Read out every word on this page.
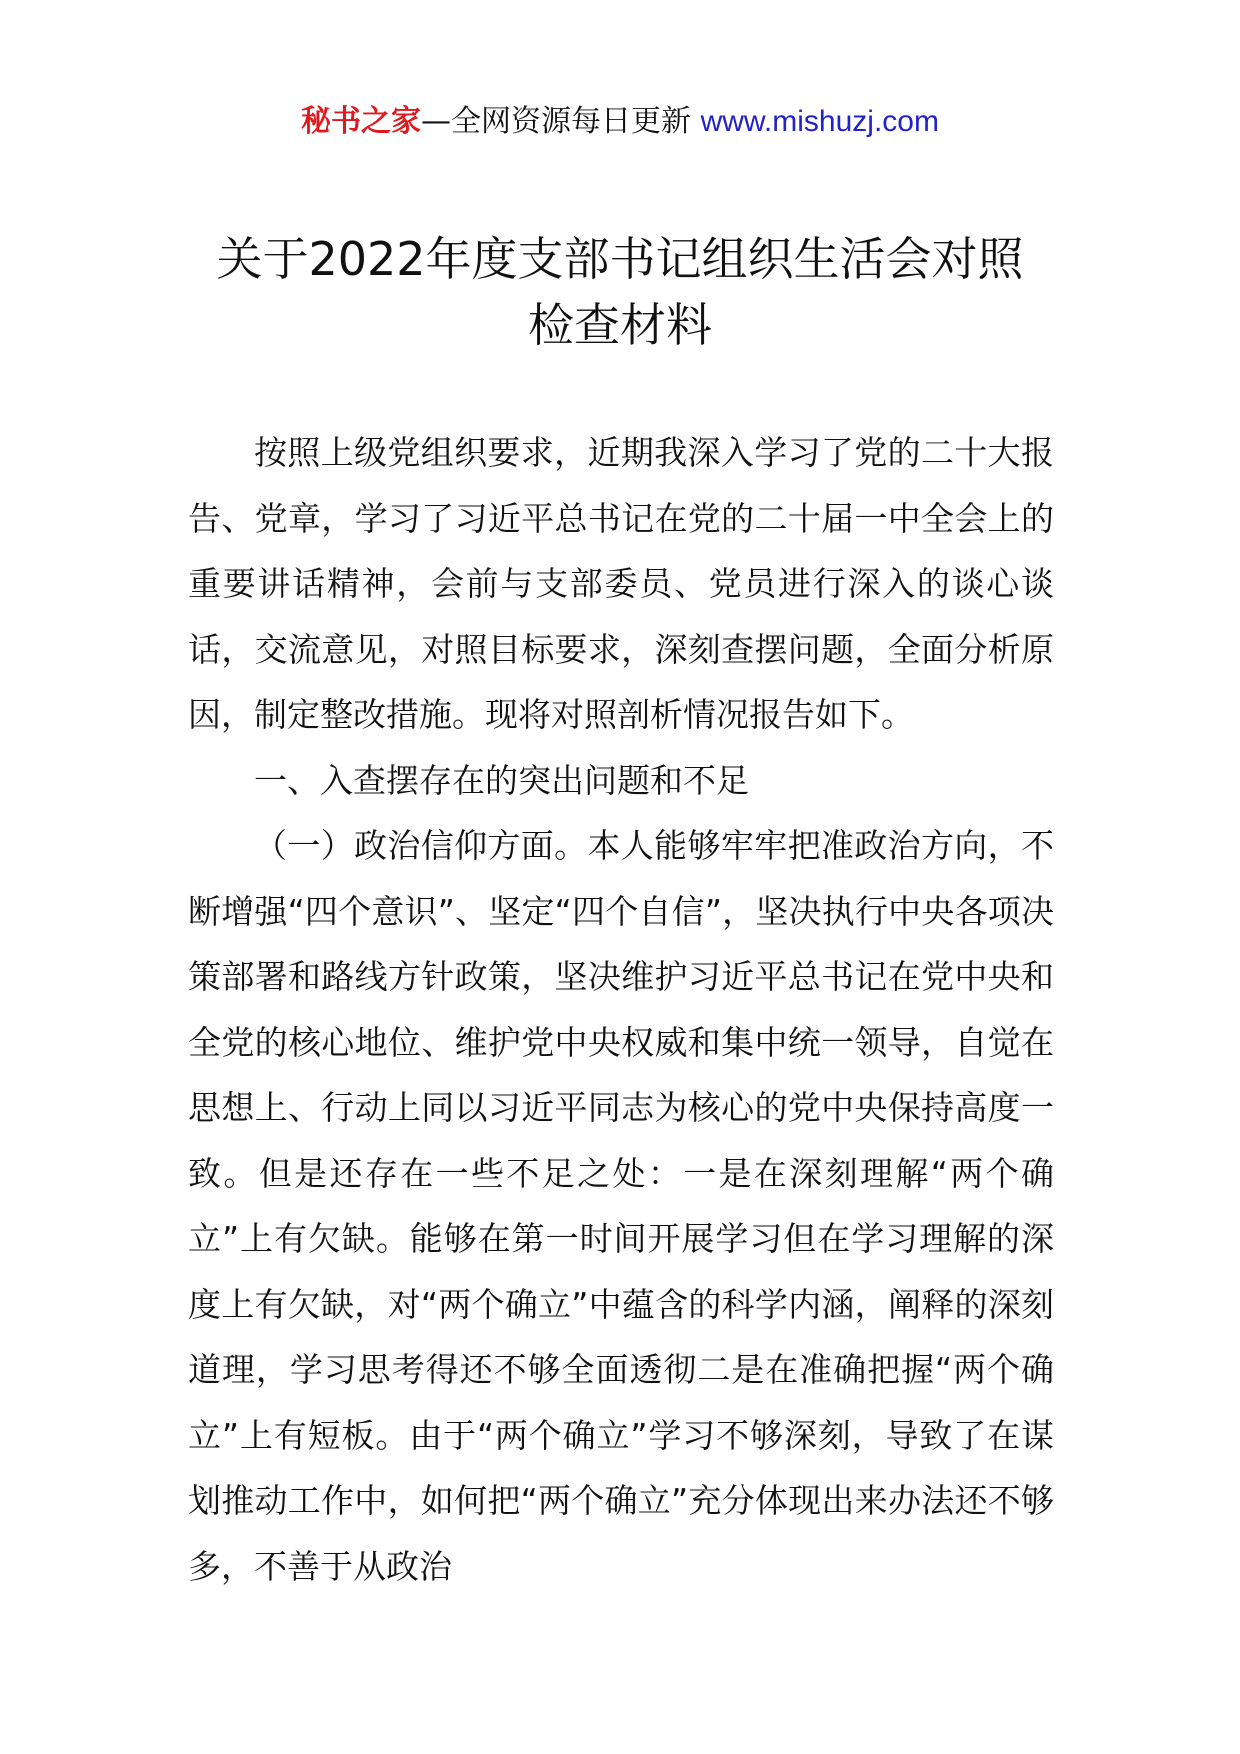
秘书之家—全网资源每日更新 www.mishuzj.com
关于2022年度支部书记组织生活会对照
检查材料

按照上级党组织要求，近期我深入学习了党的二十大报告、党章，学习了习近平总书记在党的二十届一中全会上的重要讲话精神，会前与支部委员、党员进行深入的谈心谈话，交流意见，对照目标要求，深刻查摆问题，全面分析原因，制定整改措施。现将对照剖析情况报告如下。

一、入查摆存在的突出问题和不足

（一）政治信仰方面。本人能够牢牢把准政治方向，不断增强“四个意识”、坚定“四个自信”，坚决执行中央各项决策部署和路线方针政策，坚决维护习近平总书记在党中央和全党的核心地位、维护党中央权威和集中统一领导，自觉在思想上、行动上同以习近平同志为核心的党中央保持高度一致。但是还存在一些不足之处：一是在深刻理解“两个确立”上有欠缺。能够在第一时间开展学习但在学习理解的深度上有欠缺，对“两个确立”中蕴含的科学内涵，阐释的深刻道理，学习思考得还不够全面透彻二是在准确把握“两个确立”上有短板。由于“两个确立”学习不够深刻，导致了在谋划推动工作中，如何把“两个确立”充分体现出来办法还不够多，不善于从政治
